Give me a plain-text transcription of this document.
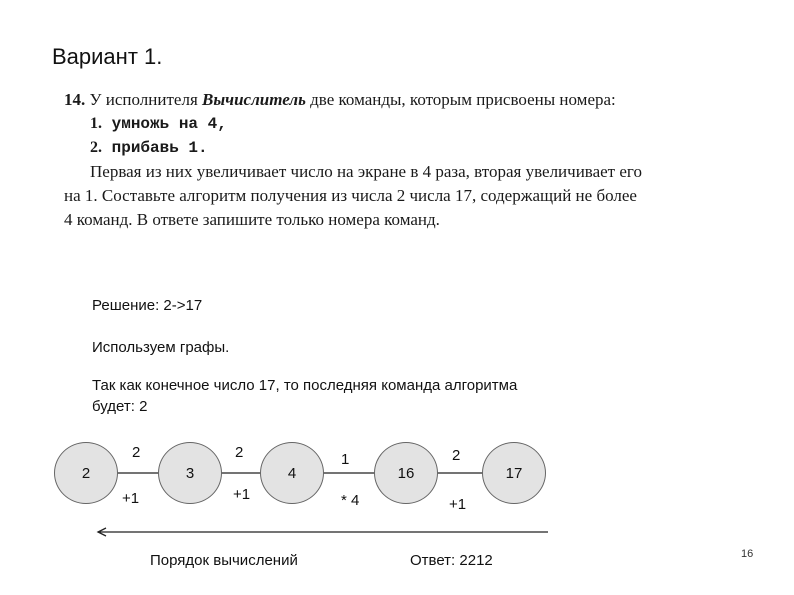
Вариант 1.
14. У исполнителя Вычислитель две команды, которым присвоены номера:
1. умножь на 4,
2. прибавь 1.
Первая из них увеличивает число на экране в 4 раза, вторая увеличивает его на 1. Составьте алгоритм получения из числа 2 числа 17, содержащий не более 4 команд. В ответе запишите только номера команд.
Решение: 2->17
Используем графы.
Так как конечное число 17, то последняя команда алгоритма
будет: 2
2	3	4	16	17
2	2	1	2
+1	+1	* 4	+1
Порядок вычислений	Ответ: 2212	16
